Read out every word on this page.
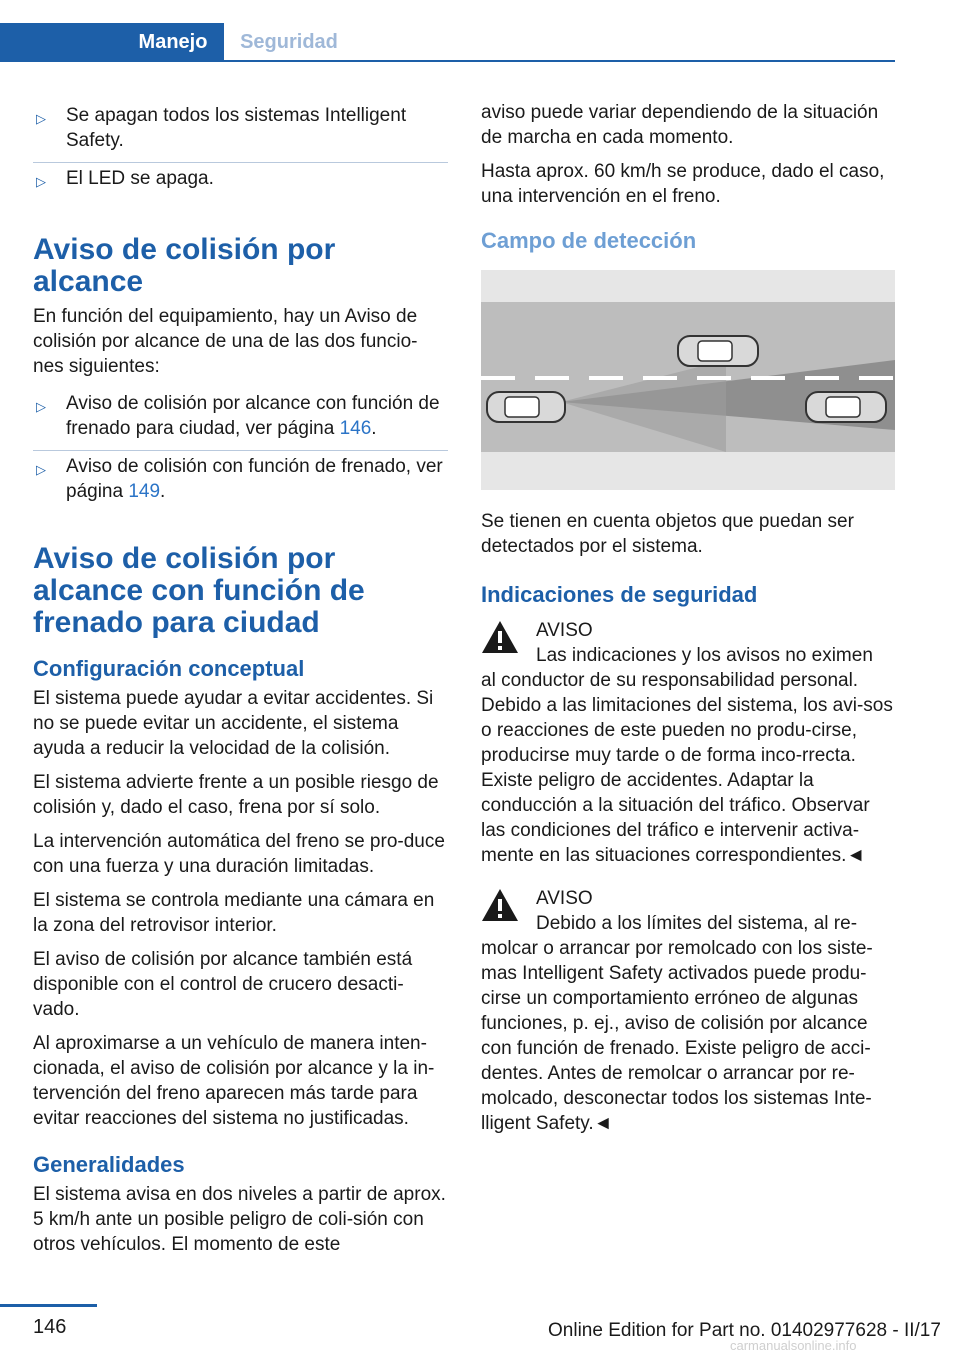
Manejo	Seguridad
▷ Se apagan todos los sistemas Intelligent Safety.
▷ El LED se apaga.
Aviso de colisión por alcance

En función del equipamiento, hay un Aviso de colisión por alcance de una de las dos funcio-nes siguientes:

▷ Aviso de colisión por alcance con función de frenado para ciudad, ver página 146.
▷ Aviso de colisión con función de frenado, ver página 149.
Aviso de colisión por alcance con función de frenado para ciudad
Configuración conceptual

El sistema puede ayudar a evitar accidentes. Si no se puede evitar un accidente, el sistema ayuda a reducir la velocidad de la colisión.

El sistema advierte frente a un posible riesgo de colisión y, dado el caso, frena por sí solo.

La intervención automática del freno se pro-duce con una fuerza y una duración limitadas.

El sistema se controla mediante una cámara en la zona del retrovisor interior.

El aviso de colisión por alcance también está disponible con el control de crucero desacti-vado.

Al aproximarse a un vehículo de manera inten-cionada, el aviso de colisión por alcance y la in-tervención del freno aparecen más tarde para evitar reacciones del sistema no justificadas.

Generalidades

El sistema avisa en dos niveles a partir de aprox. 5 km/h ante un posible peligro de coli-sión con otros vehículos. El momento de este

aviso puede variar dependiendo de la situación de marcha en cada momento.

Hasta aprox. 60 km/h se produce, dado el caso, una intervención en el freno.

Campo de detección

Se tienen en cuenta objetos que puedan ser detectados por el sistema.

Indicaciones de seguridad
AVISO
Las indicaciones y los avisos no eximen

al conductor de su responsabilidad personal. Debido a las limitaciones del sistema, los avi-sos o reacciones de este pueden no produ-cirse, producirse muy tarde o de forma inco-rrecta. Existe peligro de accidentes. Adaptar la conducción a la situación del tráfico. Observar las condiciones del tráfico e intervenir activa-mente en las situaciones correspondientes.◄

AVISO
Debido a los límites del sistema, al re-

molcar o arrancar por remolcado con los siste-mas Intelligent Safety activados puede produ-cirse un comportamiento erróneo de algunas funciones, p. ej., aviso de colisión por alcance con función de frenado. Existe peligro de acci-dentes. Antes de remolcar o arrancar por re-molcado, desconectar todos los sistemas Inte-lligent Safety.◄

146	Online Edition for Part no. 01402977628 - II/17
carmanualsonline.info
